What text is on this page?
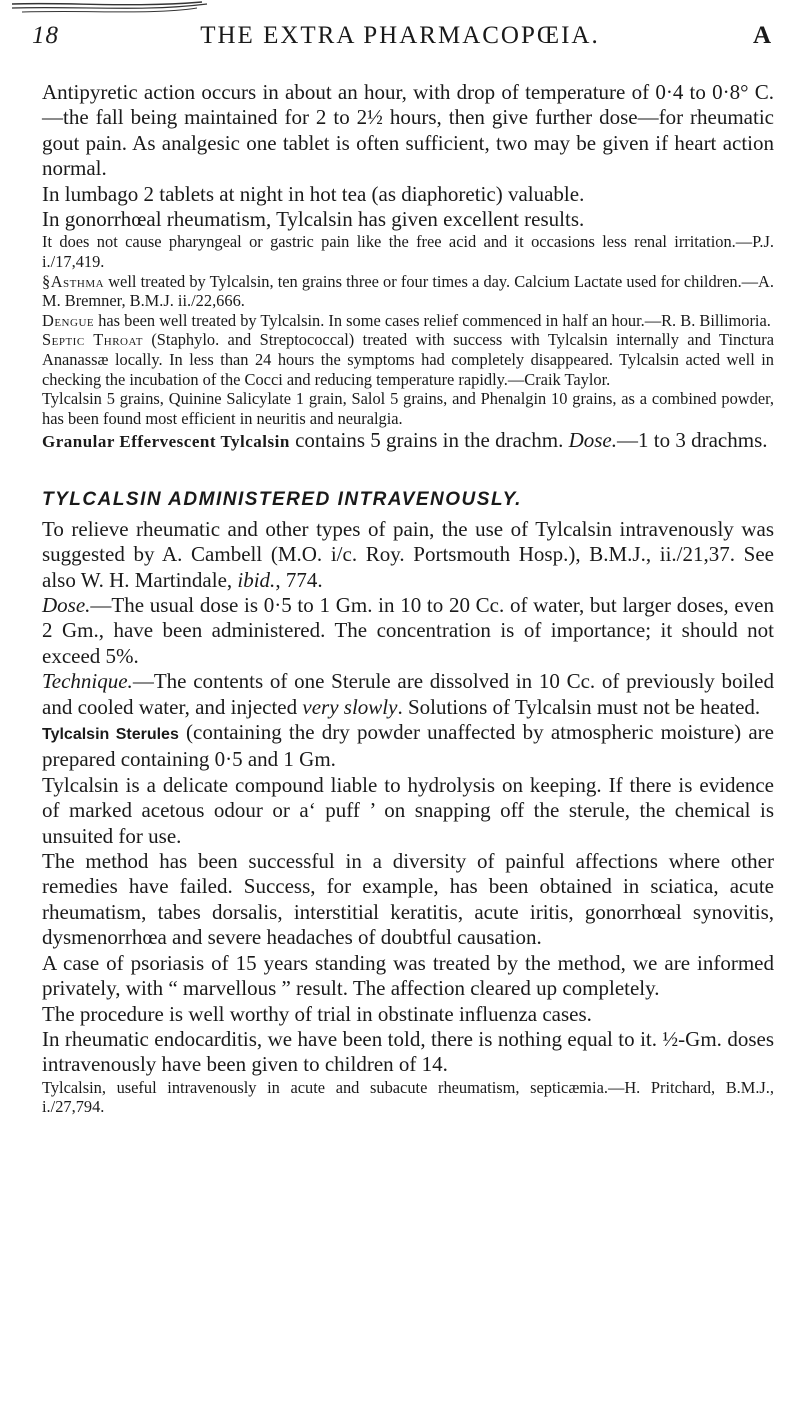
18	THE EXTRA PHARMACOPŒIA.	A

Antipyretic action occurs in about an hour, with drop of temperature of 0·4 to 0·8° C.—the fall being maintained for 2 to 2½ hours, then give further dose—for rheumatic gout pain. As analgesic one tablet is often sufficient, two may be given if heart action normal.

In lumbago 2 tablets at night in hot tea (as diaphoretic) valuable.

In gonorrhœal rheumatism, Tylcalsin has given excellent results.

It does not cause pharyngeal or gastric pain like the free acid and it occasions less renal irritation.—P.J. i./17,419.

§Asthma well treated by Tylcalsin, ten grains three or four times a day. Calcium Lactate used for children.—A. M. Bremner, B.M.J. ii./22,666.

Dengue has been well treated by Tylcalsin. In some cases relief commenced in half an hour.—R. B. Billimoria.

Septic Throat (Staphylo. and Streptococcal) treated with success with Tylcalsin internally and Tinctura Ananassæ locally. In less than 24 hours the symptoms had completely disappeared. Tylcalsin acted well in checking the incubation of the Cocci and reducing temperature rapidly.—Craik Taylor.

Tylcalsin 5 grains, Quinine Salicylate 1 grain, Salol 5 grains, and Phenalgin 10 grains, as a combined powder, has been found most efficient in neuritis and neuralgia.

Granular Effervescent Tylcalsin contains 5 grains in the drachm. Dose.—1 to 3 drachms.

TYLCALSIN ADMINISTERED INTRAVENOUSLY.

To relieve rheumatic and other types of pain, the use of Tylcalsin intravenously was suggested by A. Cambell (M.O. i/c. Roy. Portsmouth Hosp.), B.M.J., ii./21,37. See also W. H. Martindale, ibid., 774.

Dose.—The usual dose is 0·5 to 1 Gm. in 10 to 20 Cc. of water, but larger doses, even 2 Gm., have been administered. The concentration is of importance; it should not exceed 5%.

Technique.—The contents of one Sterule are dissolved in 10 Cc. of previously boiled and cooled water, and injected very slowly. Solutions of Tylcalsin must not be heated.

Tylcalsin Sterules (containing the dry powder unaffected by atmospheric moisture) are prepared containing 0·5 and 1 Gm.

Tylcalsin is a delicate compound liable to hydrolysis on keeping. If there is evidence of marked acetous odour or a‘ puff ’ on snapping off the sterule, the chemical is unsuited for use.

The method has been successful in a diversity of painful affections where other remedies have failed. Success, for example, has been obtained in sciatica, acute rheumatism, tabes dorsalis, interstitial keratitis, acute iritis, gonorrhœal synovitis, dysmenorrhœa and severe headaches of doubtful causation.

A case of psoriasis of 15 years standing was treated by the method, we are informed privately, with “ marvellous ” result. The affection cleared up completely.

The procedure is well worthy of trial in obstinate influenza cases.

In rheumatic endocarditis, we have been told, there is nothing equal to it. ½-Gm. doses intravenously have been given to children of 14.

Tylcalsin, useful intravenously in acute and subacute rheumatism, septicæmia.—H. Pritchard, B.M.J., i./27,794.
